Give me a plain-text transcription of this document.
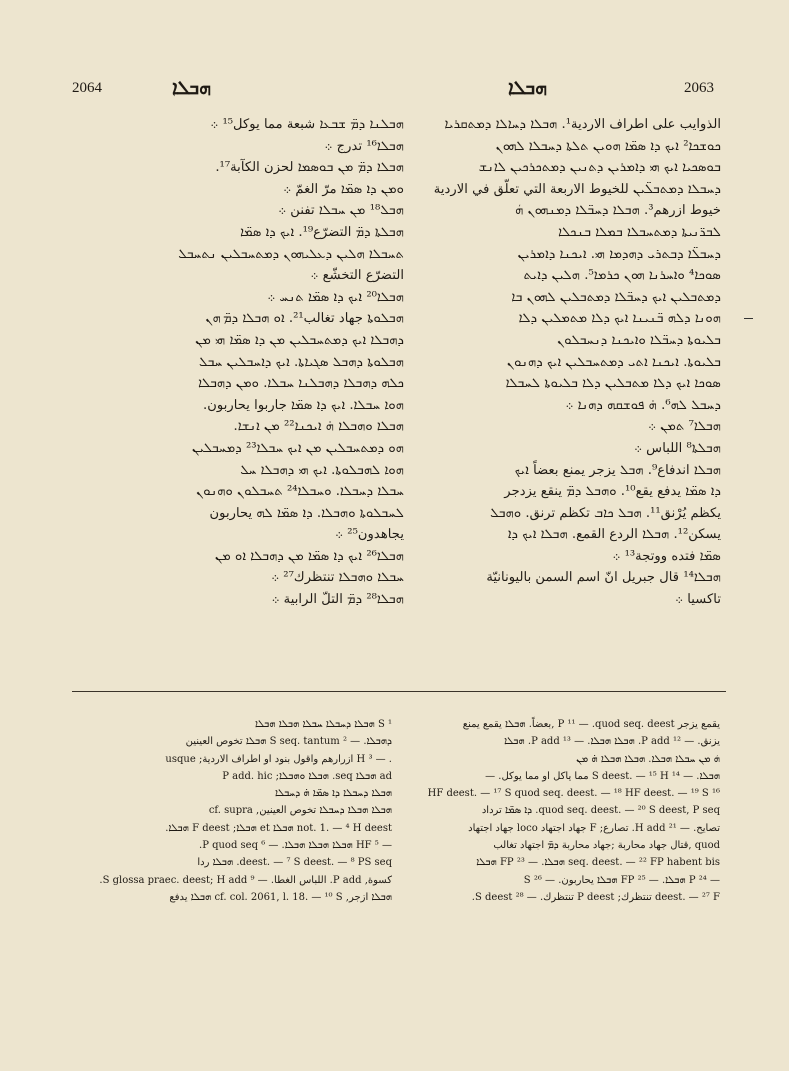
2064	2063
ܗܒܠܐ	ܗܒܠܐ
ܗܒܠܢܐ ܕܡ̈ ܫܒܥܐ شبعة مما يوكل¹⁵ ܀
ܗܒܠܐ¹⁶ تدرج ܀
ܗܒܠܐ ܕܡ̈ ܡܢ ܒܘܣܡܐ لحزن الكآبة¹⁷.
ܘܡܢ ܕܐ ܣܡ̈ܐ مرّ الغمّ ܀
ܗܒܠ¹⁸ ܡܢ ܚܒܠܐ تفنن ܀
ܗܒܠܬܐ ܕܡ̈ التضرّع¹⁹. ܐܝܟ ܕܐ ܣܡ̈ܐ
ܬܚܒܠܐ ܗܠܝܢ ܕܥܠܝܗܘܢ ܕܡܬܚܒܠܝܢ ܢܬܚܒܠ
التضرّع التخشّع ܀
ܗܒܠܐ²⁰ ܐܝܟ ܕܐ ܣܡ̈ܐ ܬܢܚ ܀
ܗܒܠܘܬܐ جهاد تغالب²¹. ܐܘ ܗܒܠܐ ܕܡ̈ ܗܢ
ܕܗܒܠܐ ܐܝܟ ܕܡܬܚܒܠܝܢ ܡܢ ܕܐ ܣܡ̈ܐ ܗܝ ܡܢ
ܗܒܠܘܬܐ ܕܗܒܠ ܣܓܝܐܬܐ. ܐܝܟ ܕܐܚܒܠܝܢ ܚܒܠ
ܟܠܗ ܕܗܒܠܐ ܕܗܒܠܢܐ ܚܒܠܐ. ܘܡܢ ܕܗܒܠܐ
ܗܘܐ ܚܒܠܐ. ܐܝܟ ܕܐ ܣܡ̈ܐ جاربوا يحاربون.
ܗܒܠܐ ܘܗܒܠܐ ܗ̇ ܐܝܟܢܐ²² ܡܢ ܐܢܫܐ.
ܗܘ ܕܡܬܚܒܠܝܢ ܡܢ ܐܝܟ ܚܒܠܐ²³ ܕܡܚܒܠܝܢ
ܗܘܐ ܠܗܒܠܘܬܐ. ܐܝܟ ܗܝ ܕܗܒܠܐ ܚܠ
ܚܒܠܐ ܕܚܒܠܐ. ܘܚܒܠܐ²⁴ ܬܚܒܠܘܢ ܘܗܢܘܢ
ܠܚܒܠܘܬܐ ܘܗܒܠܐ. ܕܐ ܣܡ̈ܐ ܠܗ يحاربون
يجاهدون²⁵ ܀
ܗܒܠܐ²⁶ ܐܝܟ ܕܐ ܣܡ̈ܐ ܡܢ ܕܗܒܠܐ ܐܘ ܡܢ
ܚܒܠܐ ܘܗܒܠܐ تنتظرك²⁷ ܀
ܗܒܠܐ²⁸ ܕܡ̈ التلّ الرابية ܀
الذوايب على اطراف الاردية¹. ܗܒܠܐ ܕܚܐܠܐ ܕܡܬܩܪܝܐ
ܟܘܫܟܐ² ܐܝܟ ܕܐ ܣܡ̈ܐ ܗܘܝܢ ܬܠܬܐ ܕܚܒܠܐ ܠܗܘܢ
ܒܘܣܟܝܐ ܐܝܟ ܗܝ ܕܐܡܪܝܢ ܕܬܢܝܢ ܕܡܬܟܪܟܝܢ ܠܐܢܫ
ܕܚܒܠܐ ܕܡܬܒܠ̈ܝܢ للخيوط الاربعة التي تعلّق في الاردية
خيوط ازرهم³. ܗܒܠܐ ܕܚܒ̈ܠܐ ܕܡܢܗܘܢ ܗܿ
ܠܒܪ̈ܢܝܬܐ ܕܡܬܚܒܠܐ ܒܡܠܐ ܒܢܟܠܐ
ܕܚܒܠ̈ܐ ܕܒܬܪܝ ܕܗܕܡܐ ܗܝ. ܐܝܟܢܐ ܕܐܡܪܝܢ
ܣܘܟܐ⁴ ܘܐܚܪܢܐ ܗܘܢ ܟܪܡܐ⁵. ܗܠܝܢ ܕܐܝܬ
ܕܡܬܒܠܝܢ ܐܝܟ ܕܚܒ̈ܠܐ ܕܡܬܒܠܝܢ ܠܗܘܢ ܒܐ
ܗܘܢܐ ܕܠܗ ܒ̈ܢܝܢܐ ܐܝܟ ܕܠܐ ܡܬܡܠܝܢ ܕܠܐ
ܒܠܝܘܬܐ ܕܚܒ̈ܠܐ ܘܐܝܟܢܐ ܕܢܚܒܠܘܢ
ܒܠܝܘܬܐ. ܐܝܟܢܐ ܐܬܝ ܕܡܬܚܒܠܝܢ ܐܝܟ ܕܗܢܘܢ
ܣܘܟܐ ܐܝܟ ܕܠܐ ܡܬܒܠܝܢ ܕܠܐ ܒܠܝܘܬܐ ܠܚܒܠܐ
ܕܚܒܠ ܠܗ⁶. ܗ̇ ܦܘܫܩܗ ܕܗܢܐ ܀
ܗܒܠܐ⁷ ܬܡܢ ܀
ܗܒܠܬܐ⁸ اللباس ܀
ܗܒܠܐ اندفاع⁹. ܗܒܠ يزجر يمنع بعضاً ܐܝܟ
ܕܐ ܣܡ̈ܐ يدفع يقع¹⁰. ܘܗܒܠ ܕܡ̈ ينقع يزدجر
يكظم يُرْنق¹¹. ܗܒܠ ܟܐܒ تكظم ترنق. ܘܗܒܠ
يسكن¹². ܗܒܠܐ الردع القمع. ܗܒܠܐ ܐܝܟ ܕܐ
ܣܡ̈ܐ فتده ووتجة¹³ ܀
ܗܒܠܐ¹⁴ قال جبريل انّ اسم السمن باليونانيّة
تاكسيا ܀
¹ S ܗܒܠܐ ܕܚܒܠܐ ܚܒܠܐ ܗܒܠܐ ܗܒܠܐ
ܕܗܒܠܐ. — ² S seq. tantum ܗܒܠܐ تخوص العينين
. — ³ H ازرارهم واقول بنود او اطراف الاردية; usque
ad ܗܒܠܐ seq. ܗܒܠܐ ܘܗܒܠܐ; P add. hic
ܗܒܠܐ ܕܚܒܠܐ ܕܐ ܣܡ̈ܐ ܗ̇ ܕܚܒܠܐ
ܗܒܠܐ ܗܒܠܐ ܕܚܒܠܐ تخوص العينين, cf. supra
not. 1. — ⁴ H deest ܗܒܠܐ et ܗܒܠܐ; F deest ܗܒܠܐ.
— ⁵ HF ܗܒܠܐ ܗܒܠܐ ܗܒܠܐ. — ⁶ P quod seq.
deest. — ⁷ S deest. — ⁸ PS seq. ܗܒܠܐ ردا
كسوة, P add. اللباس الغطا. — ⁹ S glossa praec. deest; H add.
ܗܒܠܐ ازجر, cf. col. 2061, l. 18. — ¹⁰ S ܗܒܠܐ يدفع
يقمع يزجر P ¹¹ — .quod seq. deest ,بعضاً. ܗܒܠܐ يقمع يمنع
يزنق. — ¹² P add. ܗܒܠܐ ܗܒܠܐ. — ¹³ P add. ܗܒܠܐ
ܗܿ ܡܢ ܚܒܠܐ ܗܒܠܐ. ܗܒܠܐ ܗܒܠܐ ܗ̇ ܡܢ
ܗܒܠܐ. — ¹⁴ S deest. — ¹⁵ H مما ياكل او مما يوكل. —
¹⁶ HF deest. — ¹⁷ S quod seq. deest. — ¹⁸ HF deest. — ¹⁹ S
quod seq. deest. — ²⁰ S deest, P seq. ܕܐ ܣܡ̈ܐ ترداد
تصايح. — ²¹ H add. تصارع; F جهاد اجتهاد loco جهاد اجتهاد
quod ,قتال جهاد محاربة ;جهاد محاربة ܕܡ̈ اجتهاد تغالب
seq. deest. — ²² FP habent bis ܗܒܠܐ. — ²³ FP ܗܒܠܐ
— ²⁴ P ܗܒܠܐ. — ²⁵ FP ܗܒܠܐ يحاربون. — ²⁶ S
deest. — ²⁷ F تنتظرك; P deest تنتظرك. — ²⁸ S deest.
